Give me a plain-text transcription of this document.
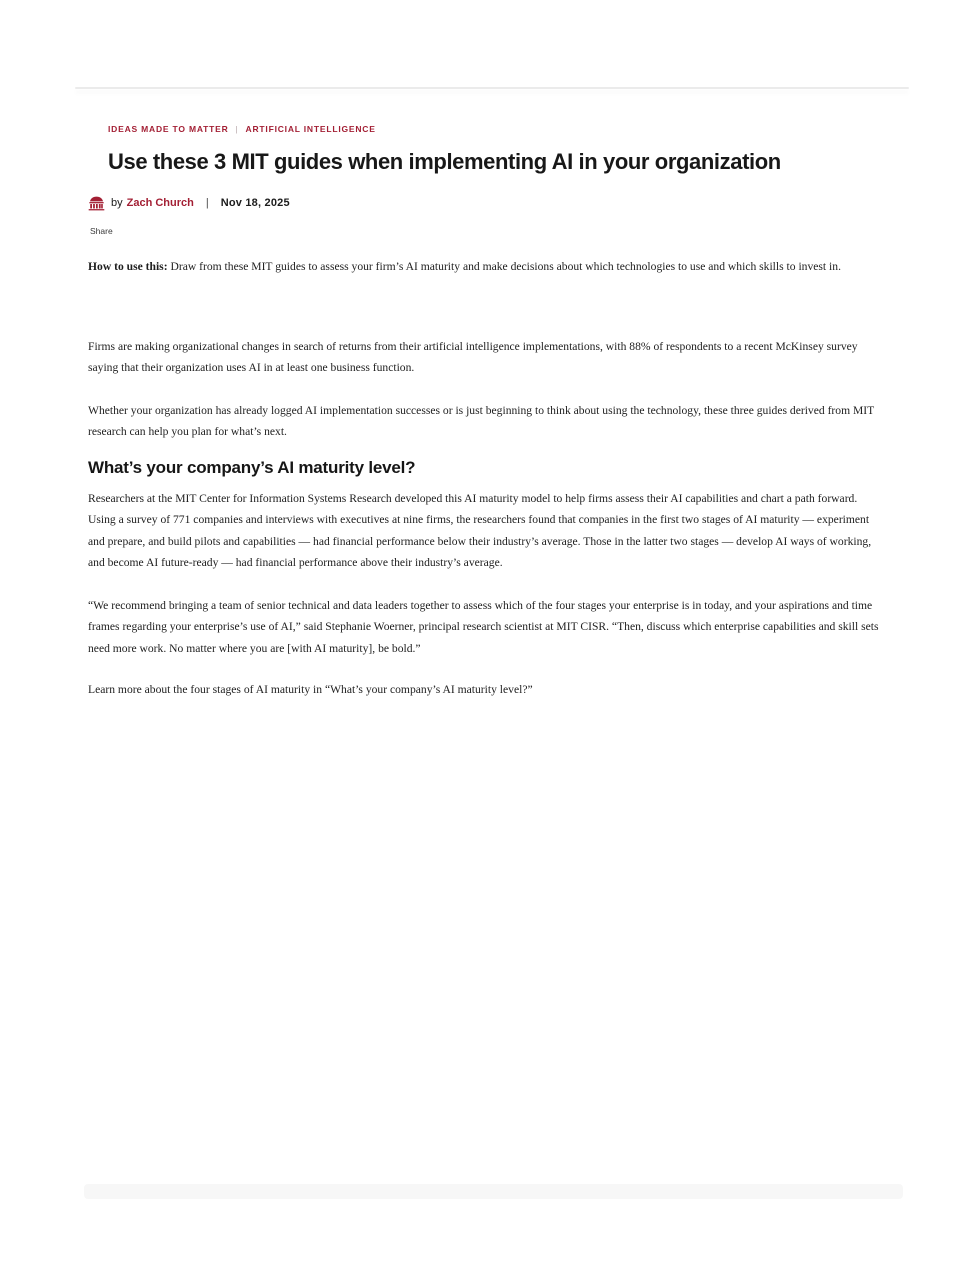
IDEAS MADE TO MATTER | ARTIFICIAL INTELLIGENCE
Use these 3 MIT guides when implementing AI in your organization
by Zach Church | Nov 18, 2025
Share

How to use this: Draw from these MIT guides to assess your firm’s AI maturity and make decisions about which technologies to use and which skills to invest in.

Firms are making organizational changes in search of returns from their artificial intelligence implementations, with 88% of respondents to a recent McKinsey survey saying that their organization uses AI in at least one business function.

Whether your organization has already logged AI implementation successes or is just beginning to think about using the technology, these three guides derived from MIT research can help you plan for what’s next.

What’s your company’s AI maturity level?

Researchers at the MIT Center for Information Systems Research developed this AI maturity model to help firms assess their AI capabilities and chart a path forward. Using a survey of 771 companies and interviews with executives at nine firms, the researchers found that companies in the first two stages of AI maturity — experiment and prepare, and build pilots and capabilities — had financial performance below their industry’s average. Those in the latter two stages — develop AI ways of working, and become AI future-ready — had financial performance above their industry’s average.

“We recommend bringing a team of senior technical and data leaders together to assess which of the four stages your enterprise is in today, and your aspirations and time frames regarding your enterprise’s use of AI,” said Stephanie Woerner, principal research scientist at MIT CISR. “Then, discuss which enterprise capabilities and skill sets need more work. No matter where you are [with AI maturity], be bold.”

Learn more about the four stages of AI maturity in “What’s your company’s AI maturity level?”
